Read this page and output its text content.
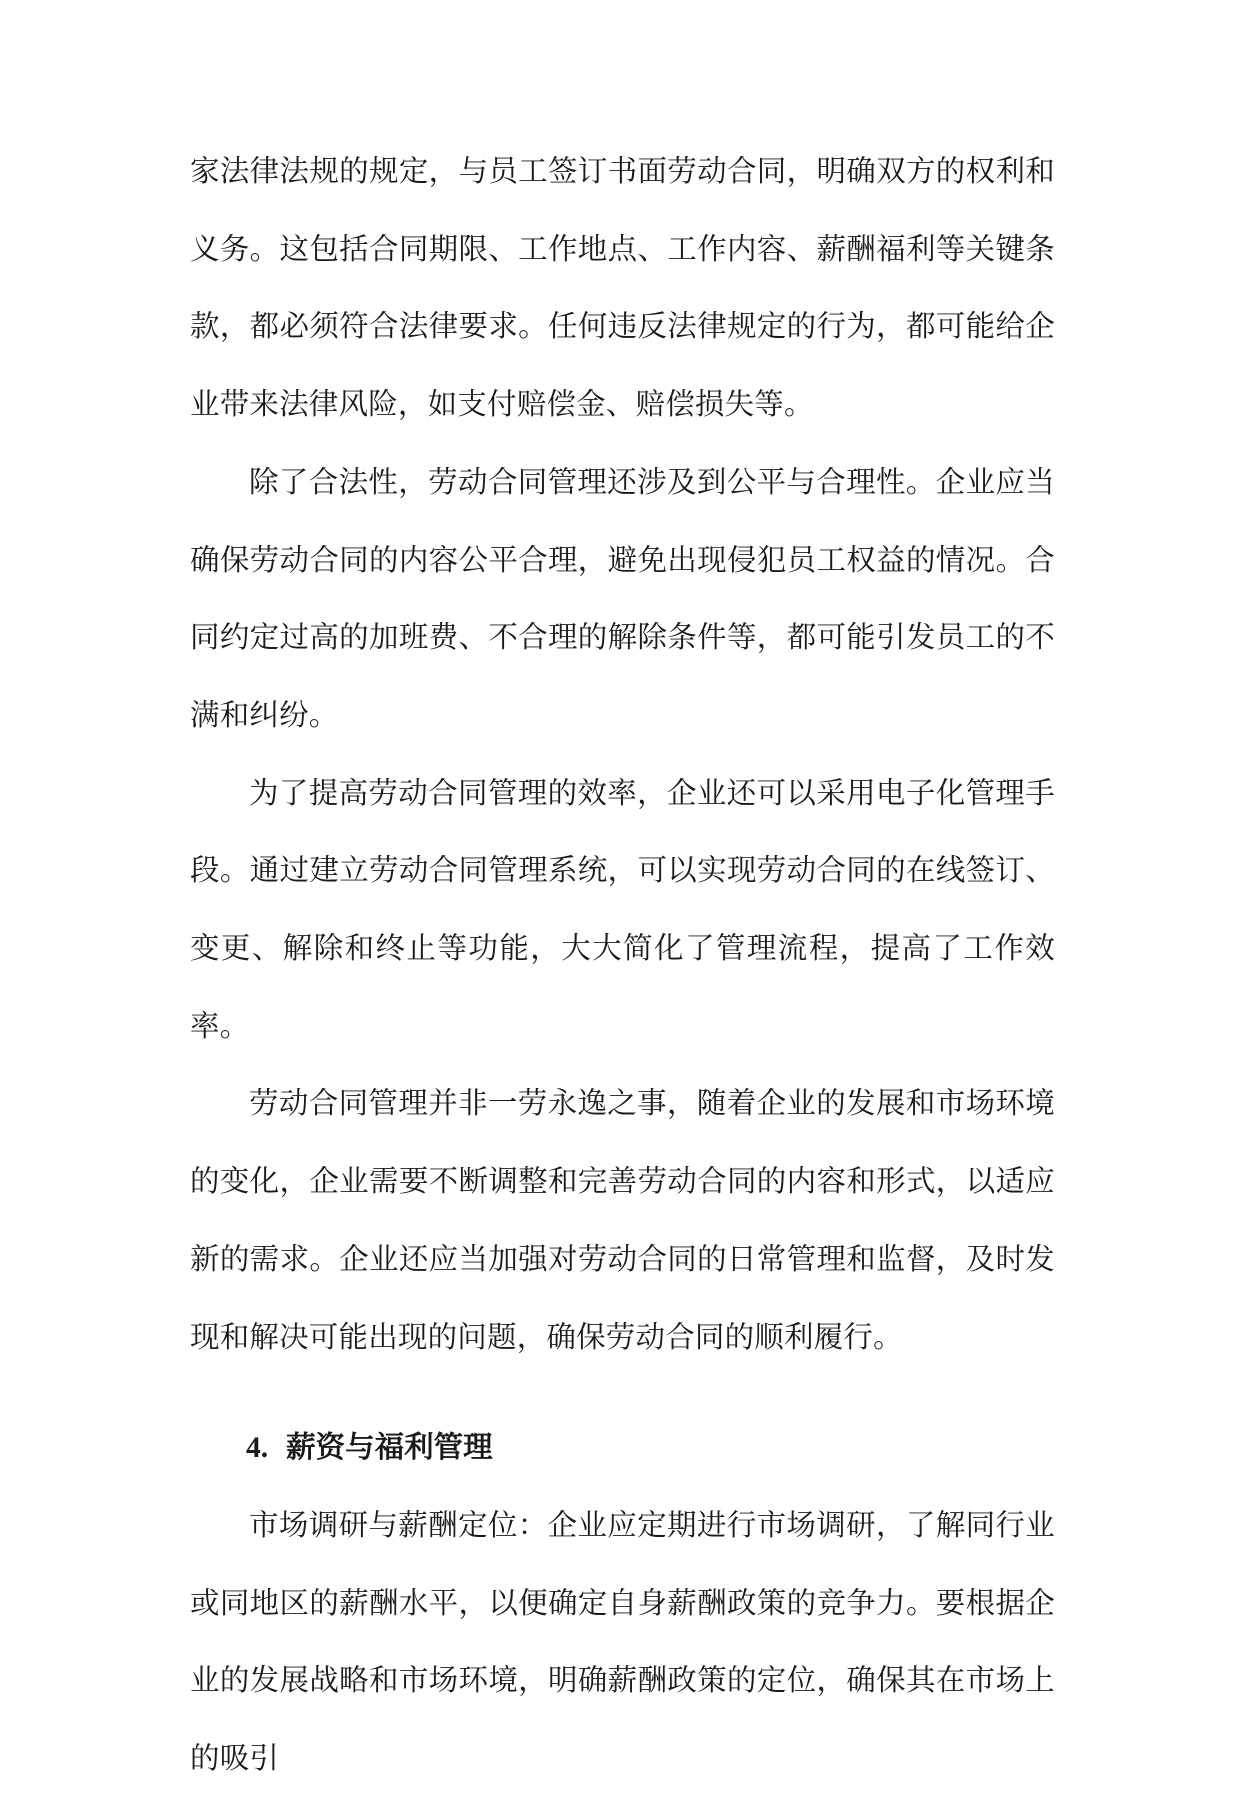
家法律法规的规定，与员工签订书面劳动合同，明确双方的权利和义务。这包括合同期限、工作地点、工作内容、薪酬福利等关键条款，都必须符合法律要求。任何违反法律规定的行为，都可能给企业带来法律风险，如支付赔偿金、赔偿损失等。

除了合法性，劳动合同管理还涉及到公平与合理性。企业应当确保劳动合同的内容公平合理，避免出现侵犯员工权益的情况。合同约定过高的加班费、不合理的解除条件等，都可能引发员工的不满和纠纷。

为了提高劳动合同管理的效率，企业还可以采用电子化管理手段。通过建立劳动合同管理系统，可以实现劳动合同的在线签订、变更、解除和终止等功能，大大简化了管理流程，提高了工作效率。

劳动合同管理并非一劳永逸之事，随着企业的发展和市场环境的变化，企业需要不断调整和完善劳动合同的内容和形式，以适应新的需求。企业还应当加强对劳动合同的日常管理和监督，及时发现和解决可能出现的问题，确保劳动合同的顺利履行。

4. 薪资与福利管理

市场调研与薪酬定位：企业应定期进行市场调研，了解同行业或同地区的薪酬水平，以便确定自身薪酬政策的竞争力。要根据企业的发展战略和市场环境，明确薪酬政策的定位，确保其在市场上的吸引
